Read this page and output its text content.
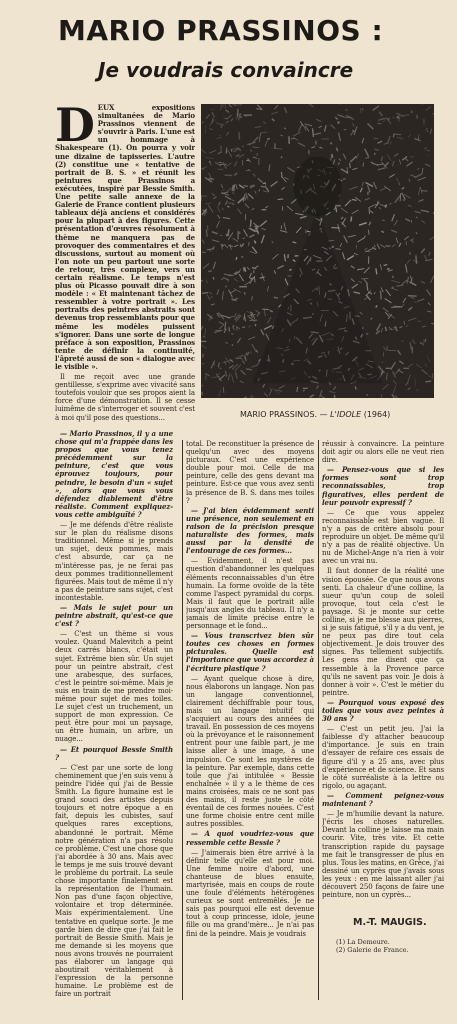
MARIO PRASSINOS :
Je voudrais convaincre
D EUX expositions simultanées de Mario Prassinos viennent de s'ouvrir à Paris. L'une est un hommage à Shakespeare (1). On pourra y voir une dizaine de tapisseries. L'autre (2) constitue une « tentative de portrait de B. S. » et réunit les peintures que Prassinos a exécutées, inspiré par Bessie Smith. Une petite salle annexe de la Galerie de France contient plusieurs tableaux déjà anciens et considérés pour la plupart à des figures. Cette présentation d'œuvres résolument à thème ne manquera pas de provoquer des commentaires et des discussions, surtout au moment où l'on note un peu partout une sorte de retour, très complexe, vers un certain réalisme. Le temps n'est plus où Picasso pouvait dire à son modèle : « Et maintenant tâchez de ressembler à votre portrait ». Les portraits des peintres abstraits sont devenus trop ressemblants pour que même les modèles puissent s'ignorer. Dans une sorte de longue préface à son exposition, Prassinos tente de définir la continuité, l'âpreté aussi de son « dialogue avec le visible ».

Il me reçoit avec une grande gentillesse, s'exprime avec vivacité sans toutefois vouloir que ses propos aient la force d'une démonstration. Il se cesse luimême de s'interroger et souvent c'est à moi qu'il pose des questions...	MARIO PRASSINOS. — L'IDOLE (1964)

— Mario Prassinos, il y a une chose qui m'a frappée dans les propos que vous tenez précédemment sur la peinture, c'est que vous éprouvez toujours, pour peindre, le besoin d'un « sujet », alors que vous vous défendez diablement d'être réaliste. Comment expliquez-vous cette ambiguïté ?

— Je me défends d'être réaliste sur le plan du réalisme disons traditionnel. Même si je prends un sujet, deux pommes, mais c'est absurde, car ça ne m'intéresse pas, je ne ferai pas deux pommes traditionnellement figurées. Mais tout de même il n'y a pas de peinture sans sujet, c'est incontestable.

— Mais le sujet pour un peintre abstrait, qu'est-ce que c'est ?

— C'est un thème si vous voulez. Quand Malevitch a peint deux carrés blancs, c'était un sujet. Extrême bien sûr. Un sujet pour un peintre abstrait, c'est une arabesque, des surfaces, c'est le peintre soi-même. Mais je suis en train de me prendre moi-même pour sujet de mes toiles. Le sujet c'est un truchement, un support de mon expression. Ce peut être pour moi un paysage, un être humain, un arbre, un nuage...

— Et pourquoi Bessie Smith ?

— C'est par une sorte de long cheminement que j'en suis venu à peindre l'idée qui j'ai de Bessie Smith. La figure humaine est le grand souci des artistes depuis toujours et notre époque a en fait, depuis les cubistes, sauf quelques rares exceptions, abandonné le portrait. Même notre génération n'a pas résolu ce problème. C'est une chose que j'ai abordée à 30 ans. Mais avec le temps je me suis trouvé devant le problème du portrait. La seule chose importante finalement est la représentation de l'humain. Non pas d'une façon objective, volontaire et trop déterminée. Mais expérimentalement. Une tentative en quelque sorte. Je me garde bien de dire que j'ai fait le portrait de Bessie Smith. Mais je me demande si les moyens que nous avons trouvés ne pourraient pas élaborer un langage qui aboutirait véritablement à l'expression de la personne humaine. Le problème est de faire un portrait

total. De reconstituer la présence de quelqu'un avec des moyens picturaux. C'est une expérience double pour moi. Celle de ma peinture, celle des gens devant ma peinture. Est-ce que vous avez senti la présence de B. S. dans mes toiles ?

— J'ai bien évidemment senti une présence, non seulement en raison de la précision presque naturaliste des formes, mais aussi par la densité de l'entourage de ces formes...

— Evidemment, il n'est pas question d'abandonner les quelques éléments reconnaissables d'un être humain. La forme ovoïde de la tête comme l'aspect pyramidal du corps. Mais il faut que le portrait aille jusqu'aux angles du tableau. Il n'y a jamais de limite précise entre le personnage et le fond...

— Vous transcrivez bien sûr toutes ces choses en formes picturales. Quelle est l'importance que vous accordez à l'écriture plastique ?

— Ayant quelque chose à dire, nous élaborons un langage. Non pas un langage conventionnel, clairement déchiffrable pour tous, mais un langage intuitif qui s'acquiert au cours des années de travail. En possession de ces moyens où la prévoyance et le raisonnement entrent pour une faible part, je me laisse aller à une image, à une impulsion. Ce sont les mystères de la peinture. Par exemple, dans cette toile que j'ai intitulée « Bessie enchaînée » il y a le thème de ces mains croisées, mais ce ne sont pas des mains, il reste juste le côté éventail de ces formes nouées. C'est une forme choisie entre cent mille autres possibles.

— A quoi voudriez-vous que ressemble cette Bessie ?

— J'aimerais bien être arrivé à la définir telle qu'elle est pour moi. Une femme noire d'abord, une chanteuse de blues ensuite, martyrisée, mais en coups de route une foule d'éléments hétérogènes curieux se sont entremêlés. Je ne sais pas pourquoi elle est devenue tout à coup princesse, idole, jeune fille ou ma grand'mère... Je n'ai pas fini de la peindre. Mais je voudrais

réussir à convaincre. La peinture doit agir ou alors elle ne veut rien dire.

— Pensez-vous que si les formes sont trop reconnaissables, trop figuratives, elles perdent de leur pouvoir expressif ?

— Ce que vous appelez reconnaissable est bien vague. Il n'y a pas de critère absolu pour reproduire un objet. De même qu'il n'y a pas de réalité objective. Un nu de Michel-Ange n'a rien à voir avec un vrai nu.

Il faut donner de la réalité une vision épousée. Ce que nous avons senti. La chaleur d'une colline, la sueur qu'un coup de soleil provoque, tout cela c'est le paysage. Si je monte sur cette colline, si je me blesse aux pierres, si je suis fatigué, s'il y a du vent, je ne peux pas dire tout cela objectivement. Je dois trouver des signes. Pas tellement subjectifs. Les gens me disent que ça ressemble à la Provence parce qu'ils ne savent pas voir. Je dois à donner à voir ». C'est le métier du peintre.

— Pourquoi vous exposé des toiles que vous avez peintes à 30 ans ?

— C'est un petit jeu. J'ai la faiblesse d'y attacher beaucoup d'importance. Je suis en train d'essayer de refaire ces essais de figure d'il y a 25 ans, avec plus d'expérience et de science. Et sans le côté surréaliste à la lettre ou rigolo, ou agaçant.

— Comment peignez-vous maintenant ?

— Je m'humilie devant la nature. J'écris les choses naturelles. Devant la colline je laisse ma main courir. Vite, très vite. Et cette transcription rapide du paysage me fait le transgresser de plus en plus. Tous les matins, en Grèce, j'ai dessiné un cyprès que j'avais sous les yeux : en me laissant aller j'ai découvert 250 façons de faire une peinture, non un cyprès...

M.-T. MAUGIS.
(1) La Demeure.
(2) Galerie de France.
